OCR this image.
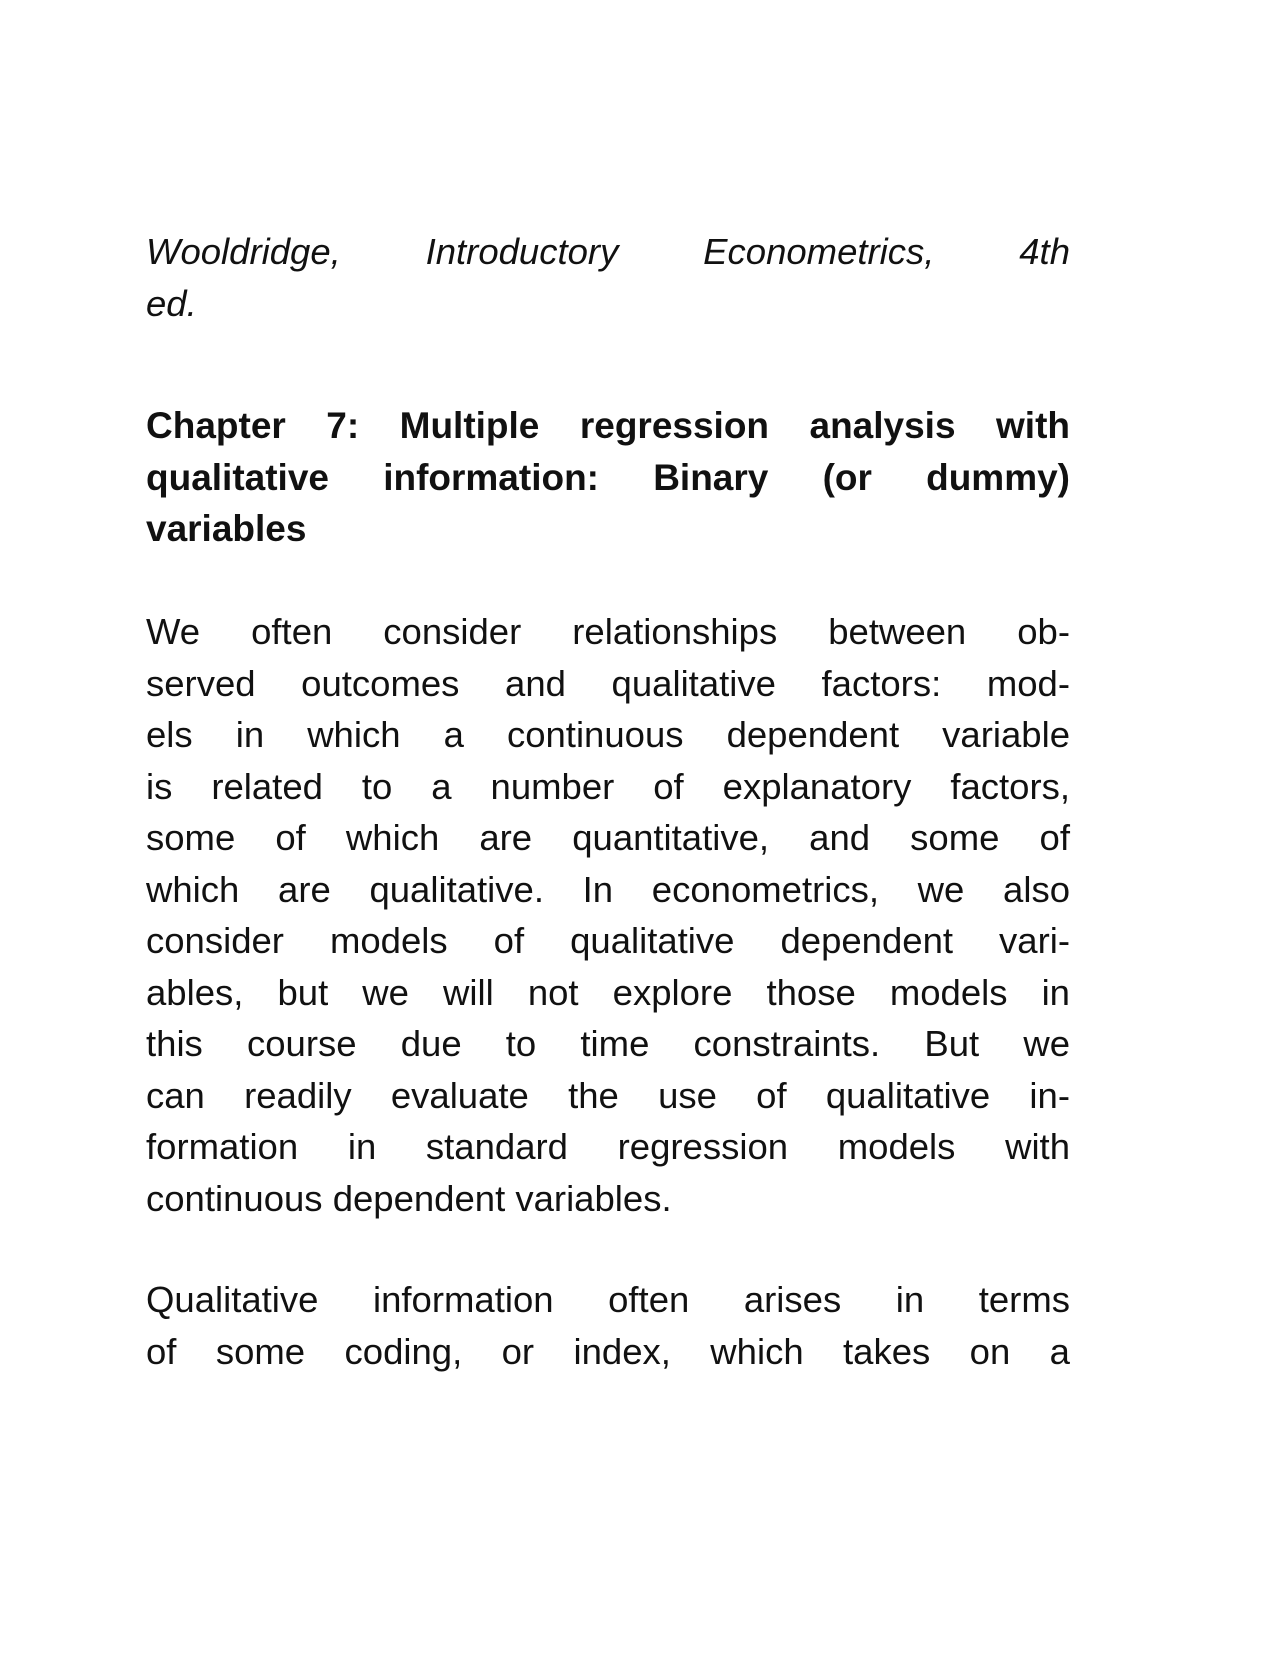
Wooldridge, Introductory Econometrics, 4th
ed.
Chapter 7: Multiple regression analysis with
qualitative information: Binary (or dummy)
variables
We often consider relationships between ob-
served outcomes and qualitative factors: mod-
els in which a continuous dependent variable
is related to a number of explanatory factors,
some of which are quantitative, and some of
which are qualitative. In econometrics, we also
consider models of qualitative dependent vari-
ables, but we will not explore those models in
this course due to time constraints. But we
can readily evaluate the use of qualitative in-
formation in standard regression models with
continuous dependent variables.
Qualitative information often arises in terms
of some coding, or index, which takes on a
